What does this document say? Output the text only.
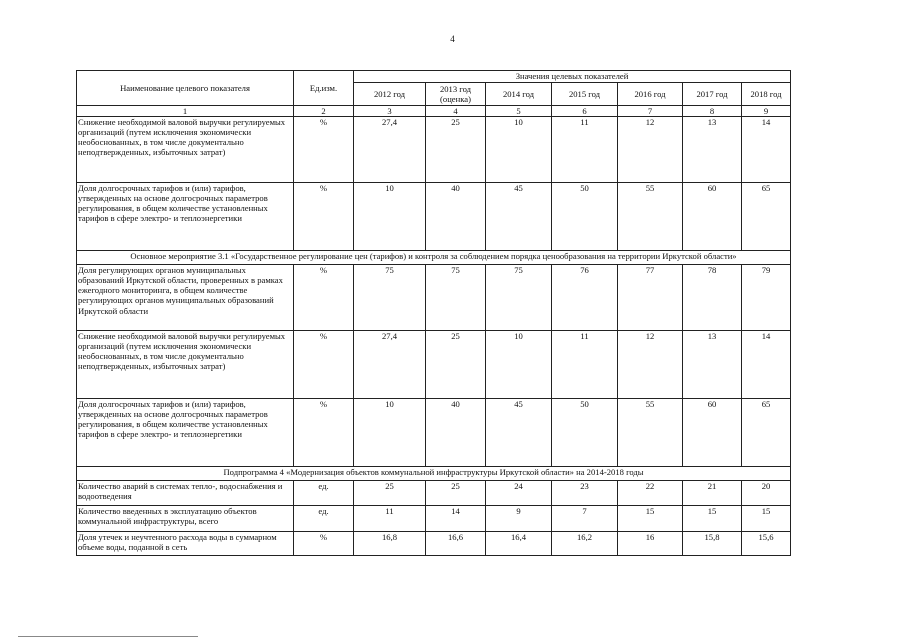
4
Наименование целевого показателя	Ед.изм.	Значения целевых показателей						
		2012 год	2013 год (оценка)	2014 год	2015 год	2016 год	2017 год	2018 год
1	2	3	4	5	6	7	8	9
Снижение необходимой валовой выручки регулируемых организаций (путем исключения экономически необоснованных, в том числе документально неподтвержденных, избыточных затрат)	%	27,4	25	10	11	12	13	14
Доля долгосрочных тарифов и (или) тарифов, утвержденных на основе долгосрочных параметров регулирования, в общем количестве установленных тарифов в сфере электро- и теплоэнергетики	%	10	40	45	50	55	60	65
Основное мероприятие 3.1 «Государственное регулирование цен (тарифов) и контроля за соблюдением порядка ценообразования на территории Иркутской области»								
Доля регулирующих органов муниципальных образований Иркутской области, проверенных в рамках ежегодного мониторинга, в общем количестве регулирующих органов муниципальных образований Иркутской области	%	75	75	75	76	77	78	79
Снижение необходимой валовой выручки регулируемых организаций (путем исключения экономически необоснованных, в том числе документально неподтвержденных, избыточных затрат)	%	27,4	25	10	11	12	13	14
Доля долгосрочных тарифов и (или) тарифов, утвержденных на основе долгосрочных параметров регулирования, в общем количестве установленных тарифов в сфере электро- и теплоэнергетики	%	10	40	45	50	55	60	65
Подпрограмма 4 «Модернизация объектов коммунальной инфраструктуры Иркутской области» на 2014-2018 годы								
Количество аварий в системах тепло-, водоснабжения и водоотведения	ед.	25	25	24	23	22	21	20
Количество введенных в эксплуатацию объектов коммунальной инфраструктуры, всего	ед.	11	14	9	7	15	15	15
Доля утечек и неучтенного расхода воды в суммарном объеме воды, поданной в сеть	%	16,8	16,6	16,4	16,2	16	15,8	15,6
